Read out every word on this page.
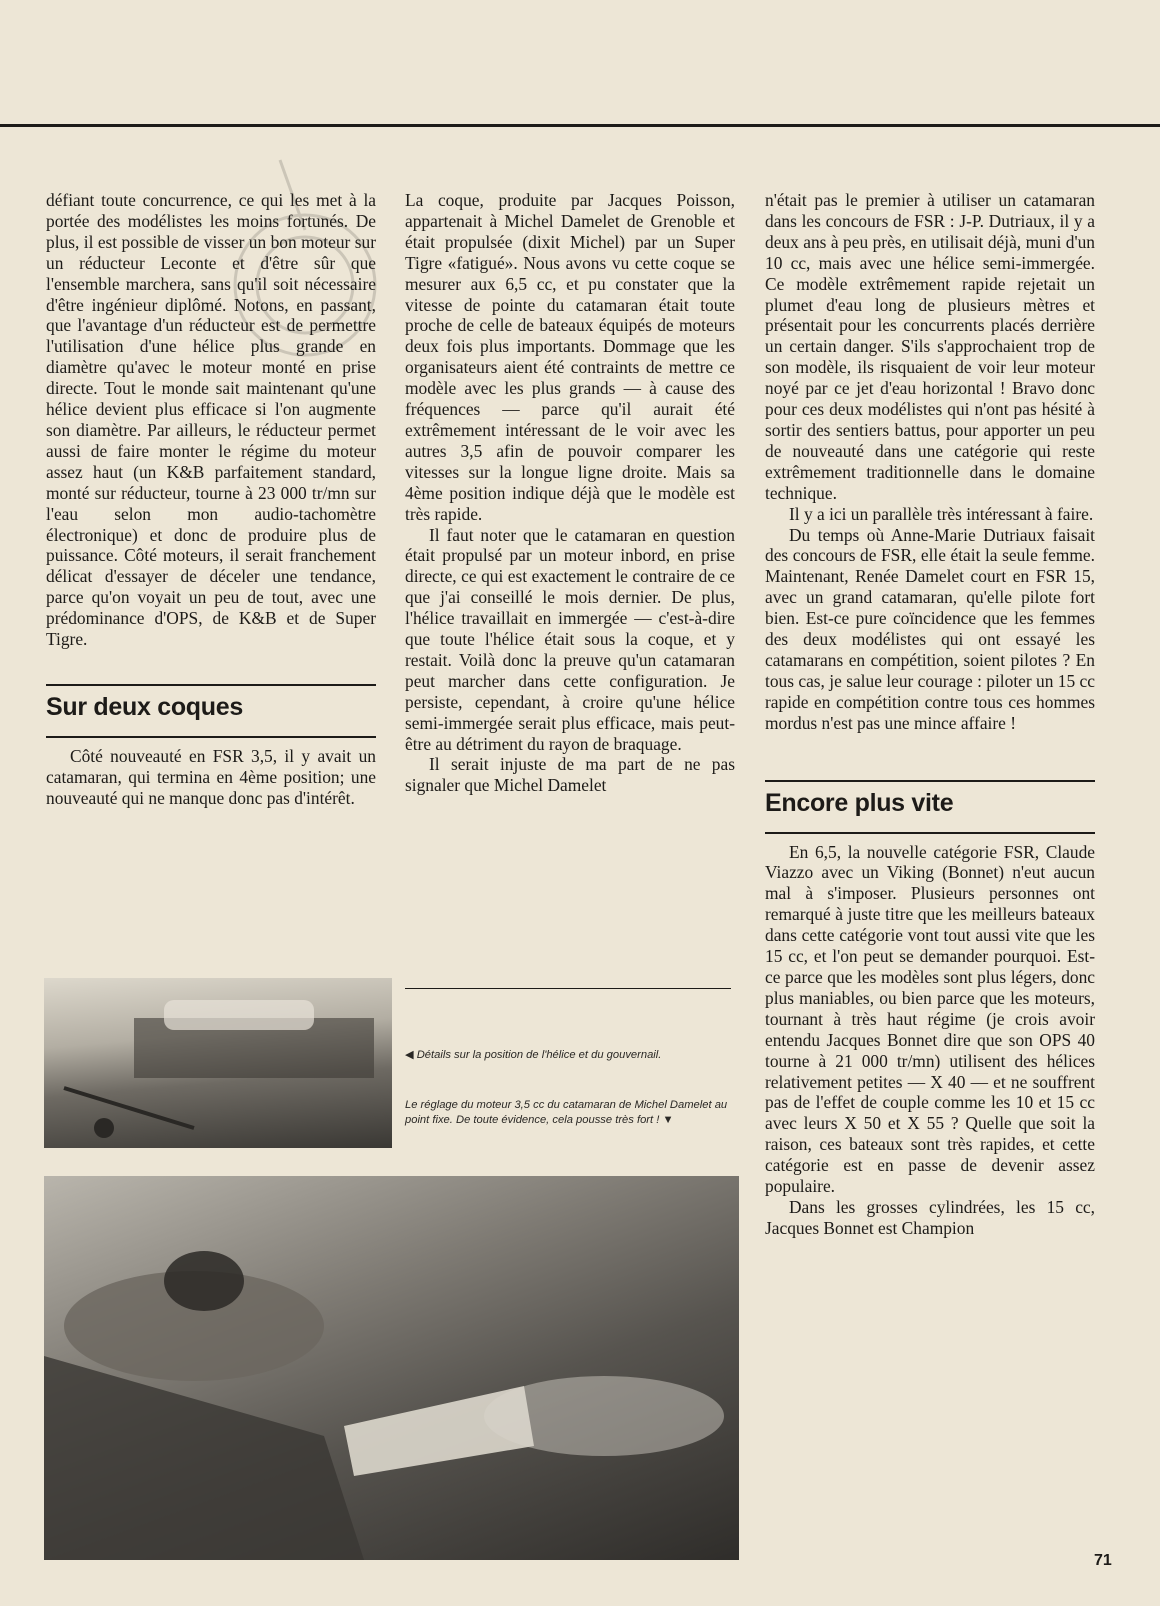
défiant toute concurrence, ce qui les met à la portée des modélistes les moins fortunés. De plus, il est possible de visser un bon moteur sur un réducteur Leconte et d'être sûr que l'ensemble marchera, sans qu'il soit nécessaire d'être ingénieur diplômé. Notons, en passant, que l'avantage d'un réducteur est de permettre l'utilisation d'une hélice plus grande en diamètre qu'avec le moteur monté en prise directe. Tout le monde sait maintenant qu'une hélice devient plus efficace si l'on augmente son diamètre. Par ailleurs, le réducteur permet aussi de faire monter le régime du moteur assez haut (un K&B parfaitement standard, monté sur réducteur, tourne à 23 000 tr/mn sur l'eau selon mon audio-tachomètre électronique) et donc de produire plus de puissance. Côté moteurs, il serait franchement délicat d'essayer de déceler une tendance, parce qu'on voyait un peu de tout, avec une prédominance d'OPS, de K&B et de Super Tigre.

Sur deux coques

Côté nouveauté en FSR 3,5, il y avait un catamaran, qui termina en 4ème position; une nouveauté qui ne manque donc pas d'intérêt.

La coque, produite par Jacques Poisson, appartenait à Michel Damelet de Grenoble et était propulsée (dixit Michel) par un Super Tigre «fatigué». Nous avons vu cette coque se mesurer aux 6,5 cc, et pu constater que la vitesse de pointe du catamaran était toute proche de celle de bateaux équipés de moteurs deux fois plus importants. Dommage que les organisateurs aient été contraints de mettre ce modèle avec les plus grands — à cause des fréquences — parce qu'il aurait été extrêmement intéressant de le voir avec les autres 3,5 afin de pouvoir comparer les vitesses sur la longue ligne droite. Mais sa 4ème position indique déjà que le modèle est très rapide.

Il faut noter que le catamaran en question était propulsé par un moteur inbord, en prise directe, ce qui est exactement le contraire de ce que j'ai conseillé le mois dernier. De plus, l'hélice travaillait en immergée — c'est-à-dire que toute l'hélice était sous la coque, et y restait. Voilà donc la preuve qu'un catamaran peut marcher dans cette configuration. Je persiste, cependant, à croire qu'une hélice semi-immergée serait plus efficace, mais peut-être au détriment du rayon de braquage.

Il serait injuste de ma part de ne pas signaler que Michel Damelet

n'était pas le premier à utiliser un catamaran dans les concours de FSR : J-P. Dutriaux, il y a deux ans à peu près, en utilisait déjà, muni d'un 10 cc, mais avec une hélice semi-immergée. Ce modèle extrêmement rapide rejetait un plumet d'eau long de plusieurs mètres et présentait pour les concurrents placés derrière un certain danger. S'ils s'approchaient trop de son modèle, ils risquaient de voir leur moteur noyé par ce jet d'eau horizontal ! Bravo donc pour ces deux modélistes qui n'ont pas hésité à sortir des sentiers battus, pour apporter un peu de nouveauté dans une catégorie qui reste extrêmement traditionnelle dans le domaine technique.

Il y a ici un parallèle très intéressant à faire.

Du temps où Anne-Marie Dutriaux faisait des concours de FSR, elle était la seule femme. Maintenant, Renée Damelet court en FSR 15, avec un grand catamaran, qu'elle pilote fort bien. Est-ce pure coïncidence que les femmes des deux modélistes qui ont essayé les catamarans en compétition, soient pilotes ? En tous cas, je salue leur courage : piloter un 15 cc rapide en compétition contre tous ces hommes mordus n'est pas une mince affaire !

Encore plus vite

En 6,5, la nouvelle catégorie FSR, Claude Viazzo avec un Viking (Bonnet) n'eut aucun mal à s'imposer. Plusieurs personnes ont remarqué à juste titre que les meilleurs bateaux dans cette catégorie vont tout aussi vite que les 15 cc, et l'on peut se demander pourquoi. Est-ce parce que les modèles sont plus légers, donc plus maniables, ou bien parce que les moteurs, tournant à très haut régime (je crois avoir entendu Jacques Bonnet dire que son OPS 40 tourne à 21 000 tr/mn) utilisent des hélices relativement petites — X 40 — et ne souffrent pas de l'effet de couple comme les 10 et 15 cc avec leurs X 50 et X 55 ? Quelle que soit la raison, ces bateaux sont très rapides, et cette catégorie est en passe de devenir assez populaire.

Dans les grosses cylindrées, les 15 cc, Jacques Bonnet est Champion

◀ Détails sur la position de l'hélice et du gouvernail.
Le réglage du moteur 3,5 cc du catamaran de Michel Damelet au point fixe. De toute évidence, cela pousse très fort ! ▼
71
